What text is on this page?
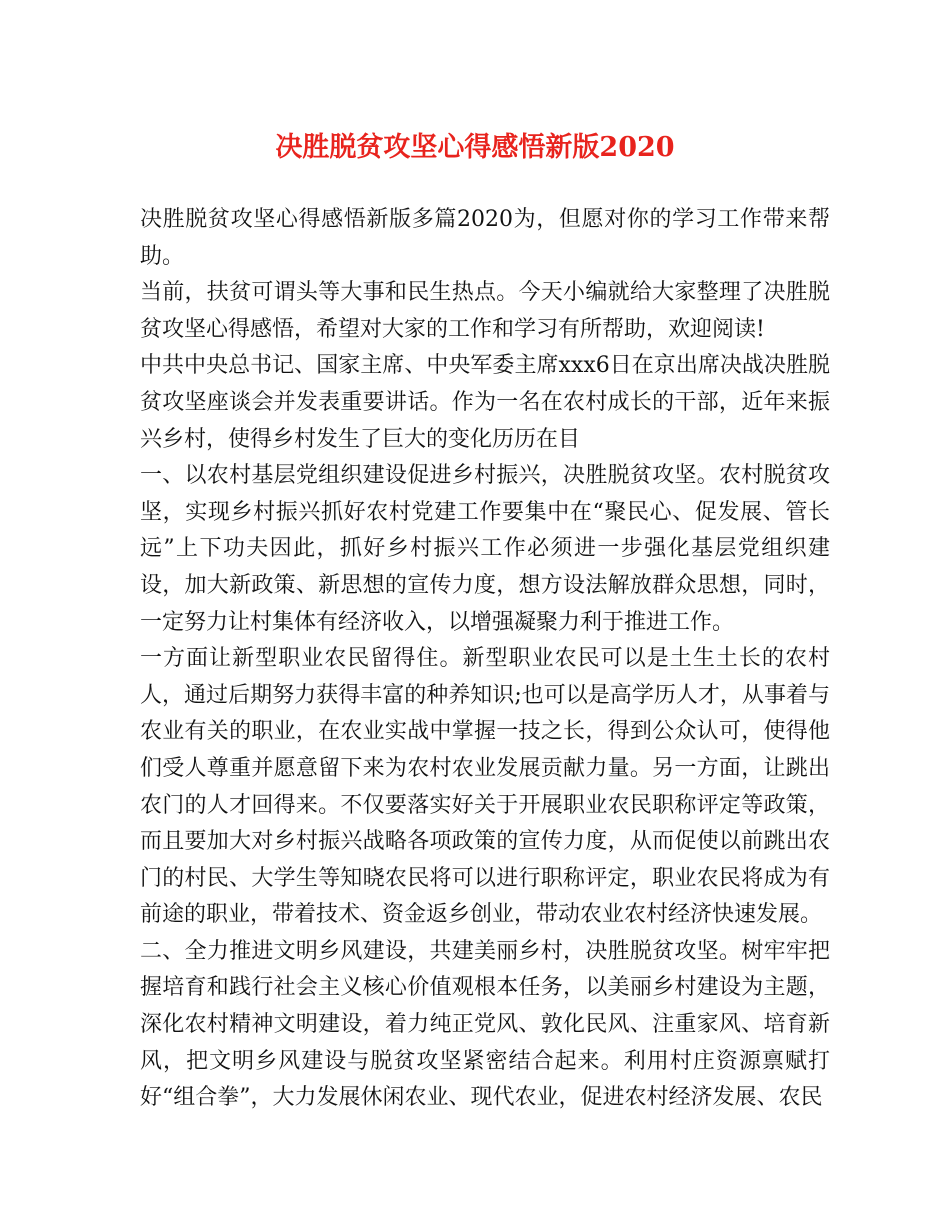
决胜脱贫攻坚心得感悟新版2020

决胜脱贫攻坚心得感悟新版多篇2020为，但愿对你的学习工作带来帮助。

当前，扶贫可谓头等大事和民生热点。今天小编就给大家整理了决胜脱贫攻坚心得感悟，希望对大家的工作和学习有所帮助，欢迎阅读!

中共中央总书记、国家主席、中央军委主席xxx6日在京出席决战决胜脱贫攻坚座谈会并发表重要讲话。作为一名在农村成长的干部，近年来振兴乡村，使得乡村发生了巨大的变化历历在目

一、以农村基层党组织建设促进乡村振兴，决胜脱贫攻坚。农村脱贫攻坚，实现乡村振兴抓好农村党建工作要集中在“聚民心、促发展、管长远”上下功夫因此，抓好乡村振兴工作必须进一步强化基层党组织建设，加大新政策、新思想的宣传力度，想方设法解放群众思想，同时，一定努力让村集体有经济收入，以增强凝聚力利于推进工作。

一方面让新型职业农民留得住。新型职业农民可以是土生土长的农村人，通过后期努力获得丰富的种养知识;也可以是高学历人才，从事着与农业有关的职业，在农业实战中掌握一技之长，得到公众认可，使得他们受人尊重并愿意留下来为农村农业发展贡献力量。另一方面，让跳出农门的人才回得来。不仅要落实好关于开展职业农民职称评定等政策，而且要加大对乡村振兴战略各项政策的宣传力度，从而促使以前跳出农门的村民、大学生等知晓农民将可以进行职称评定，职业农民将成为有前途的职业，带着技术、资金返乡创业，带动农业农村经济快速发展。

二、全力推进文明乡风建设，共建美丽乡村，决胜脱贫攻坚。树牢牢把握培育和践行社会主义核心价值观根本任务，以美丽乡村建设为主题，深化农村精神文明建设，着力纯正党风、敦化民风、注重家风、培育新风，把文明乡风建设与脱贫攻坚紧密结合起来。利用村庄资源禀赋打好“组合拳”，大力发展休闲农业、现代农业，促进农村经济发展、农民
